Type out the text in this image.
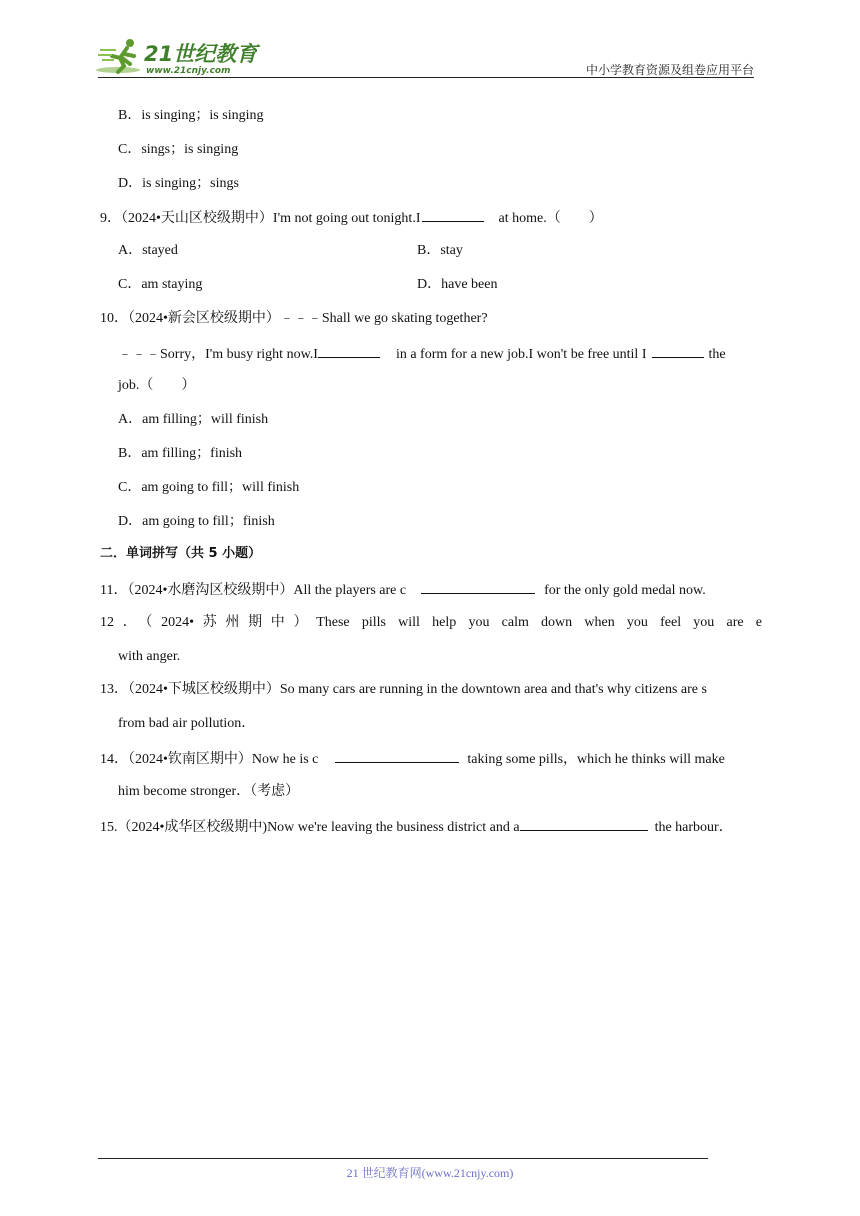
21世纪教育
www.21cnjy.com	中小学教育资源及组卷应用平台
B．is singing；is singing
C．sings；is singing
D．is singing；sings
9．（2024•天山区校级期中）I'm not going out tonight.I	at home.（　　）
A．stayed	B．stay
C．am staying	D．have been
10．（2024•新会区校级期中）﹣﹣﹣Shall we go skating together?
﹣﹣﹣Sorry，I'm busy right now.I	in a form for a new job.I won't be free until I	the
job.（　　）
A．am filling；will finish
B．am filling；finish
C．am going to fill；will finish
D．am going to fill；finish
二．单词拼写（共 5 小题）
11．（2024•水磨沟区校级期中）All the players are c	for the only gold medal now.
12．（2024•苏州期中）These pills will help you calm down when you feel you are e
with anger.
13．（2024•下城区校级期中）So many cars are running in the downtown area and that's why citizens are s
from bad air pollution．
14．（2024•钦南区期中）Now he is c	taking some pills，which he thinks will make
him become stronger．（考虑）
15.（2024•成华区校级期中)Now we're leaving the business district and a	the harbour．
21 世纪教育网(www.21cnjy.com)
